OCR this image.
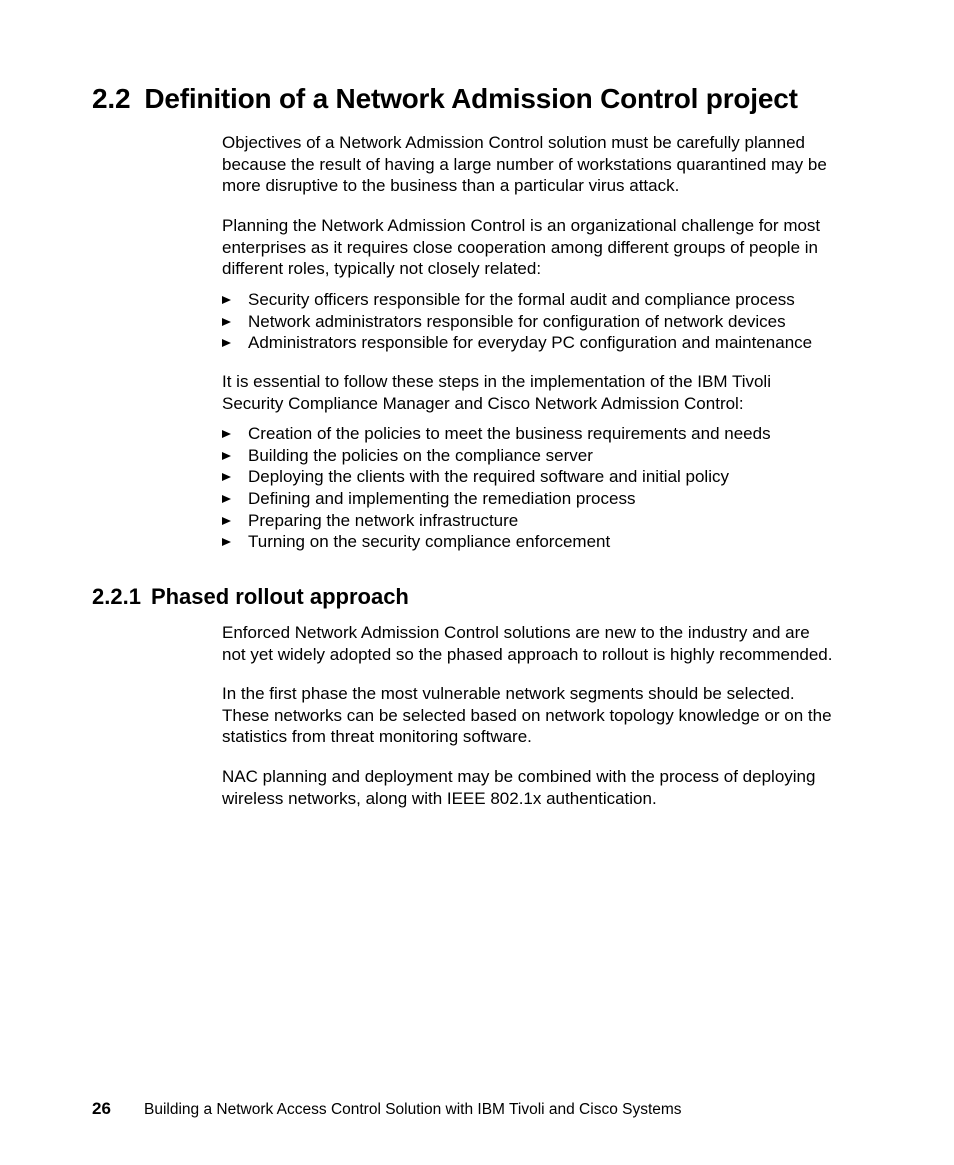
2.2 Definition of a Network Admission Control project

Objectives of a Network Admission Control solution must be carefully planned
because the result of having a large number of workstations quarantined may be
more disruptive to the business than a particular virus attack.

Planning the Network Admission Control is an organizational challenge for most
enterprises as it requires close cooperation among different groups of people in
different roles, typically not closely related:

Security officers responsible for the formal audit and compliance process
Network administrators responsible for configuration of network devices
Administrators responsible for everyday PC configuration and maintenance

It is essential to follow these steps in the implementation of the IBM Tivoli
Security Compliance Manager and Cisco Network Admission Control:

Creation of the policies to meet the business requirements and needs
Building the policies on the compliance server
Deploying the clients with the required software and initial policy
Defining and implementing the remediation process
Preparing the network infrastructure
Turning on the security compliance enforcement
2.2.1 Phased rollout approach

Enforced Network Admission Control solutions are new to the industry and are
not yet widely adopted so the phased approach to rollout is highly recommended.

In the first phase the most vulnerable network segments should be selected.
These networks can be selected based on network topology knowledge or on the
statistics from threat monitoring software.

NAC planning and deployment may be combined with the process of deploying
wireless networks, along with IEEE 802.1x authentication.

26 Building a Network Access Control Solution with IBM Tivoli and Cisco Systems
